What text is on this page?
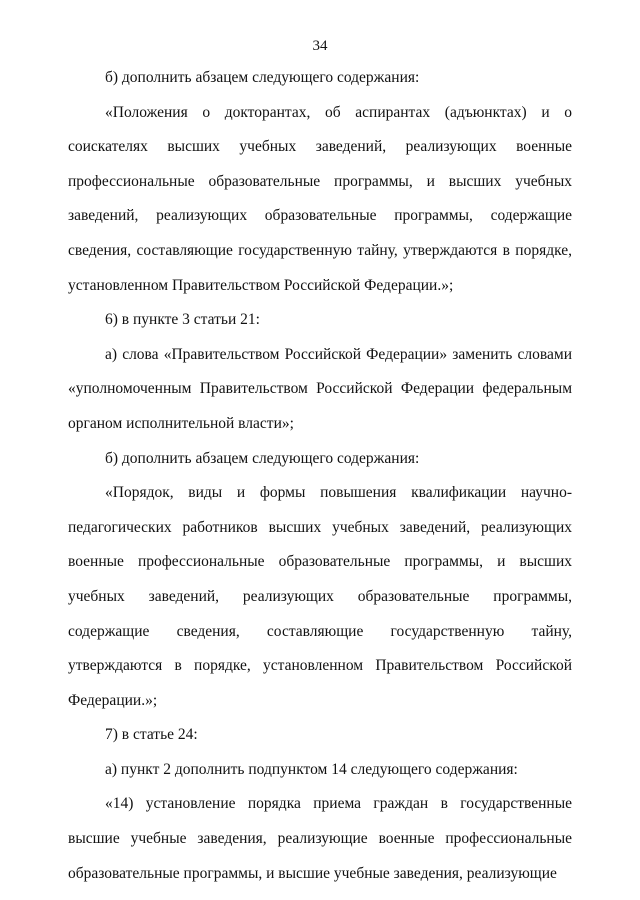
34

б) дополнить абзацем следующего содержания:

«Положения о докторантах, об аспирантах (адъюнктах) и о соискателях высших учебных заведений, реализующих военные профессиональные образовательные программы, и высших учебных заведений, реализующих образовательные программы, содержащие сведения, составляющие государственную тайну, утверждаются в порядке, установленном Правительством Российской Федерации.»;

6) в пункте 3 статьи 21:

а) слова «Правительством Российской Федерации» заменить словами «уполномоченным Правительством Российской Федерации федеральным органом исполнительной власти»;

б) дополнить абзацем следующего содержания:

«Порядок, виды и формы повышения квалификации научно-педагогических работников высших учебных заведений, реализующих военные профессиональные образовательные программы, и высших учебных заведений, реализующих образовательные программы, содержащие сведения, составляющие государственную тайну, утверждаются в порядке, установленном Правительством Российской Федерации.»;

7) в статье 24:

а) пункт 2 дополнить подпунктом 14 следующего содержания:

«14) установление порядка приема граждан в государственные высшие учебные заведения, реализующие военные профессиональные образовательные программы, и высшие учебные заведения, реализующие
